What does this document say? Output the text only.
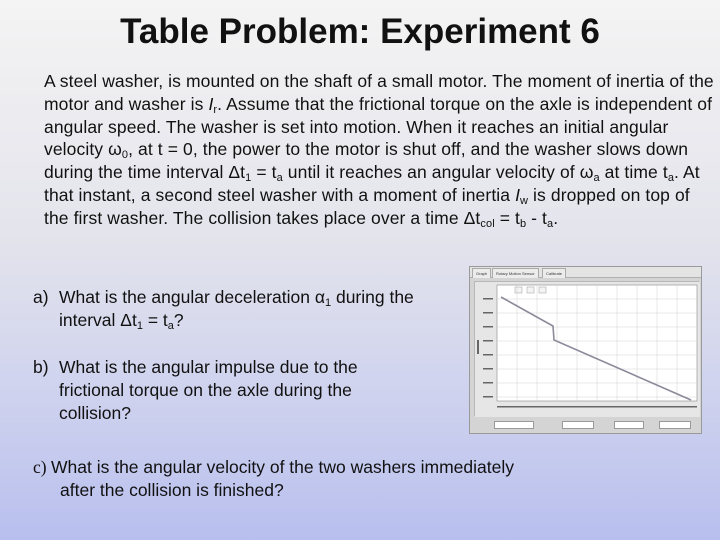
Table Problem: Experiment 6
A steel washer, is mounted on the shaft of a small motor. The moment of inertia of the motor and washer is $I_r$. Assume that the frictional torque on the axle is independent of angular speed. The washer is set into motion. When it reaches an initial angular velocity $\omega_0$, at t = 0, the power to the motor is shut off, and the washer slows down during the time interval $\Delta t_1 = t_a$ until it reaches an angular velocity of $\omega_a$ at time $t_a$. At that instant, a second steel washer with a moment of inertia $I_w$ is dropped on top of the first washer. The collision takes place over a time $\Delta t_{col} = t_b - t_a$.
a) What is the angular deceleration $\alpha_1$ during the
interval $\Delta t_1 = t_a$?
b) What is the angular impulse due to the
frictional torque on the axle during the
collision?
c) What is the angular velocity of the two washers immediately
after the collision is finished?
Graph	Rotary Motion Sensor	Calibrate
